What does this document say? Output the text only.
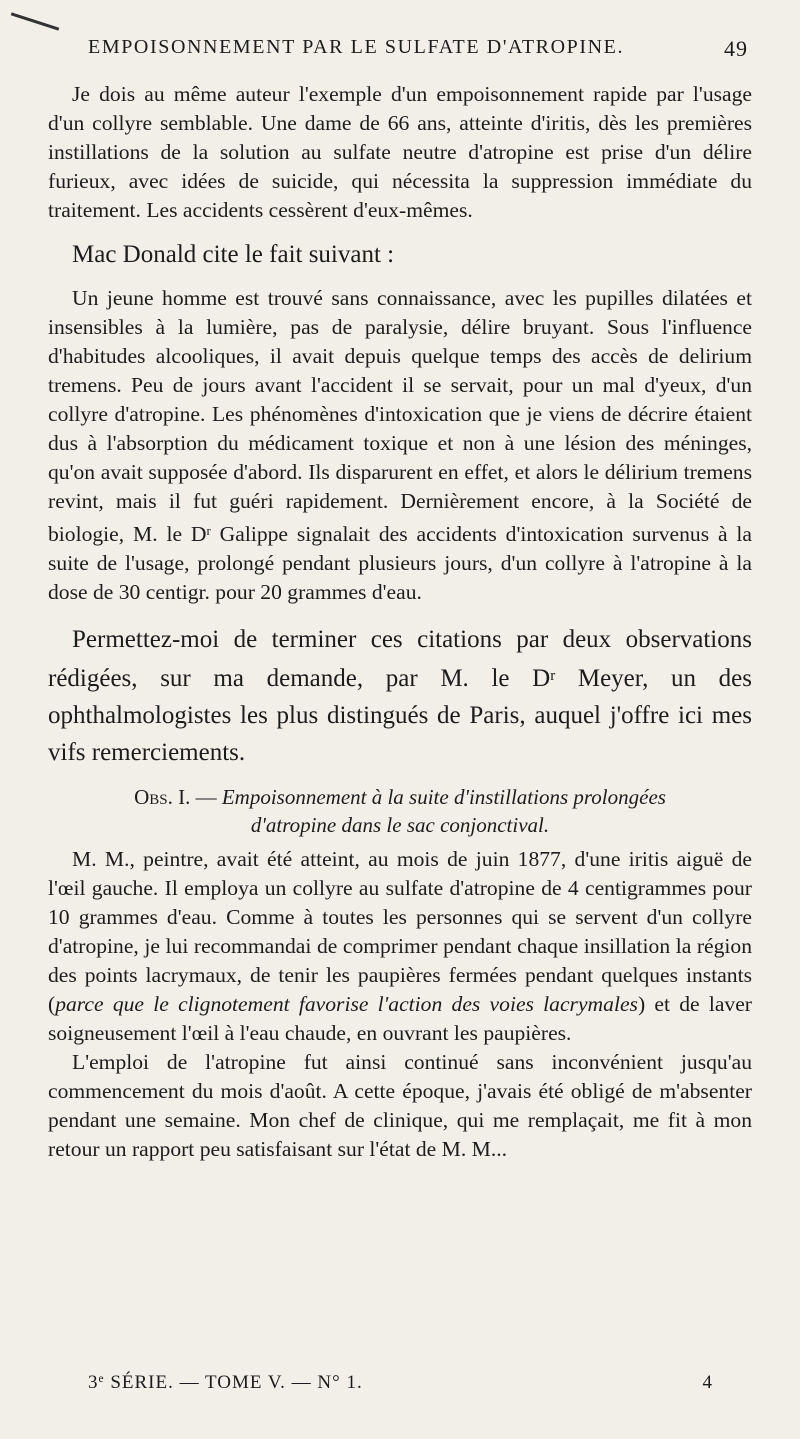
EMPOISONNEMENT PAR LE SULFATE D'ATROPINE.	49

Je dois au même auteur l'exemple d'un empoisonnement rapide par l'usage d'un collyre semblable. Une dame de 66 ans, atteinte d'iritis, dès les premières instillations de la solution au sulfate neutre d'atropine est prise d'un délire furieux, avec idées de suicide, qui nécessita la suppression immédiate du traitement. Les accidents cessèrent d'eux-mêmes.

Mac Donald cite le fait suivant :

Un jeune homme est trouvé sans connaissance, avec les pupilles dilatées et insensibles à la lumière, pas de paralysie, délire bruyant. Sous l'influence d'habitudes alcooliques, il avait depuis quelque temps des accès de delirium tremens. Peu de jours avant l'accident il se servait, pour un mal d'yeux, d'un collyre d'atropine. Les phénomènes d'intoxication que je viens de décrire étaient dus à l'absorption du médicament toxique et non à une lésion des méninges, qu'on avait supposée d'abord. Ils disparurent en effet, et alors le délirium tremens revint, mais il fut guéri rapidement. Dernièrement encore, à la Société de biologie, M. le $D^r$ Galippe signalait des accidents d'intoxication survenus à la suite de l'usage, prolongé pendant plusieurs jours, d'un collyre à l'atropine à la dose de 30 centigr. pour 20 grammes d'eau.

Permettez-moi de terminer ces citations par deux observations rédigées, sur ma demande, par M. le $D^r$ Meyer, un des ophthalmologistes les plus distingués de Paris, auquel j'offre ici mes vifs remerciements.

Obs. I. — Empoisonnement à la suite d'instillations prolongées
d'atropine dans le sac conjonctival.

M. M., peintre, avait été atteint, au mois de juin 1877, d'une iritis aiguë de l'œil gauche. Il employa un collyre au sulfate d'atropine de 4 centigrammes pour 10 grammes d'eau. Comme à toutes les personnes qui se servent d'un collyre d'atropine, je lui recommandai de comprimer pendant chaque insillation la région des points lacrymaux, de tenir les paupières fermées pendant quelques instants (parce que le clignotement favorise l'action des voies lacrymales) et de laver soigneusement l'œil à l'eau chaude, en ouvrant les paupières.

L'emploi de l'atropine fut ainsi continué sans inconvénient jusqu'au commencement du mois d'août. A cette époque, j'avais été obligé de m'absenter pendant une semaine. Mon chef de clinique, qui me remplaçait, me fit à mon retour un rapport peu satisfaisant sur l'état de M. M...

3e SÉRIE. — TOME V. — N° 1.	4
